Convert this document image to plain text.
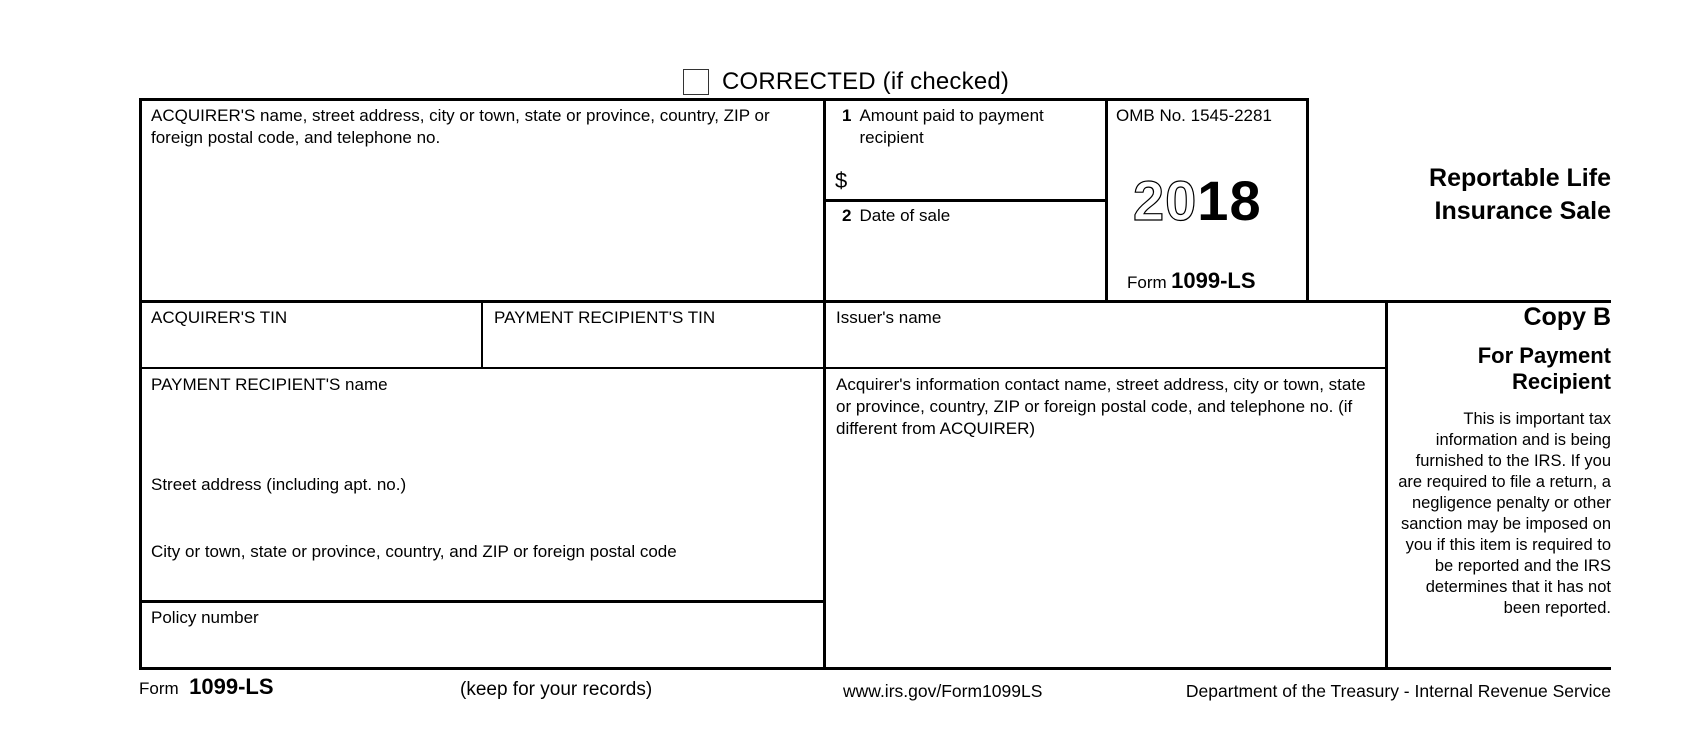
CORRECTED (if checked)
ACQUIRER'S name, street address, city or town, state or province, country, ZIP or foreign postal code, and telephone no.
1 Amount paid to payment recipient
$
2 Date of sale
OMB No. 1545-2281
2018
Form 1099-LS
Reportable Life
Insurance Sale
ACQUIRER'S TIN	PAYMENT RECIPIENT'S TIN	Issuer's name
PAYMENT RECIPIENT'S name
Street address (including apt. no.)
City or town, state or province, country, and ZIP or foreign postal code
Policy number
Acquirer's information contact name, street address, city or town, state or province, country, ZIP or foreign postal code, and telephone no. (if different from ACQUIRER)
Copy B
For Payment Recipient
This is important tax information and is being furnished to the IRS. If you are required to file a return, a negligence penalty or other sanction may be imposed on you if this item is required to be reported and the IRS determines that it has not been reported.
Form 1099-LS	(keep for your records)	www.irs.gov/Form1099LS	Department of the Treasury - Internal Revenue Service
